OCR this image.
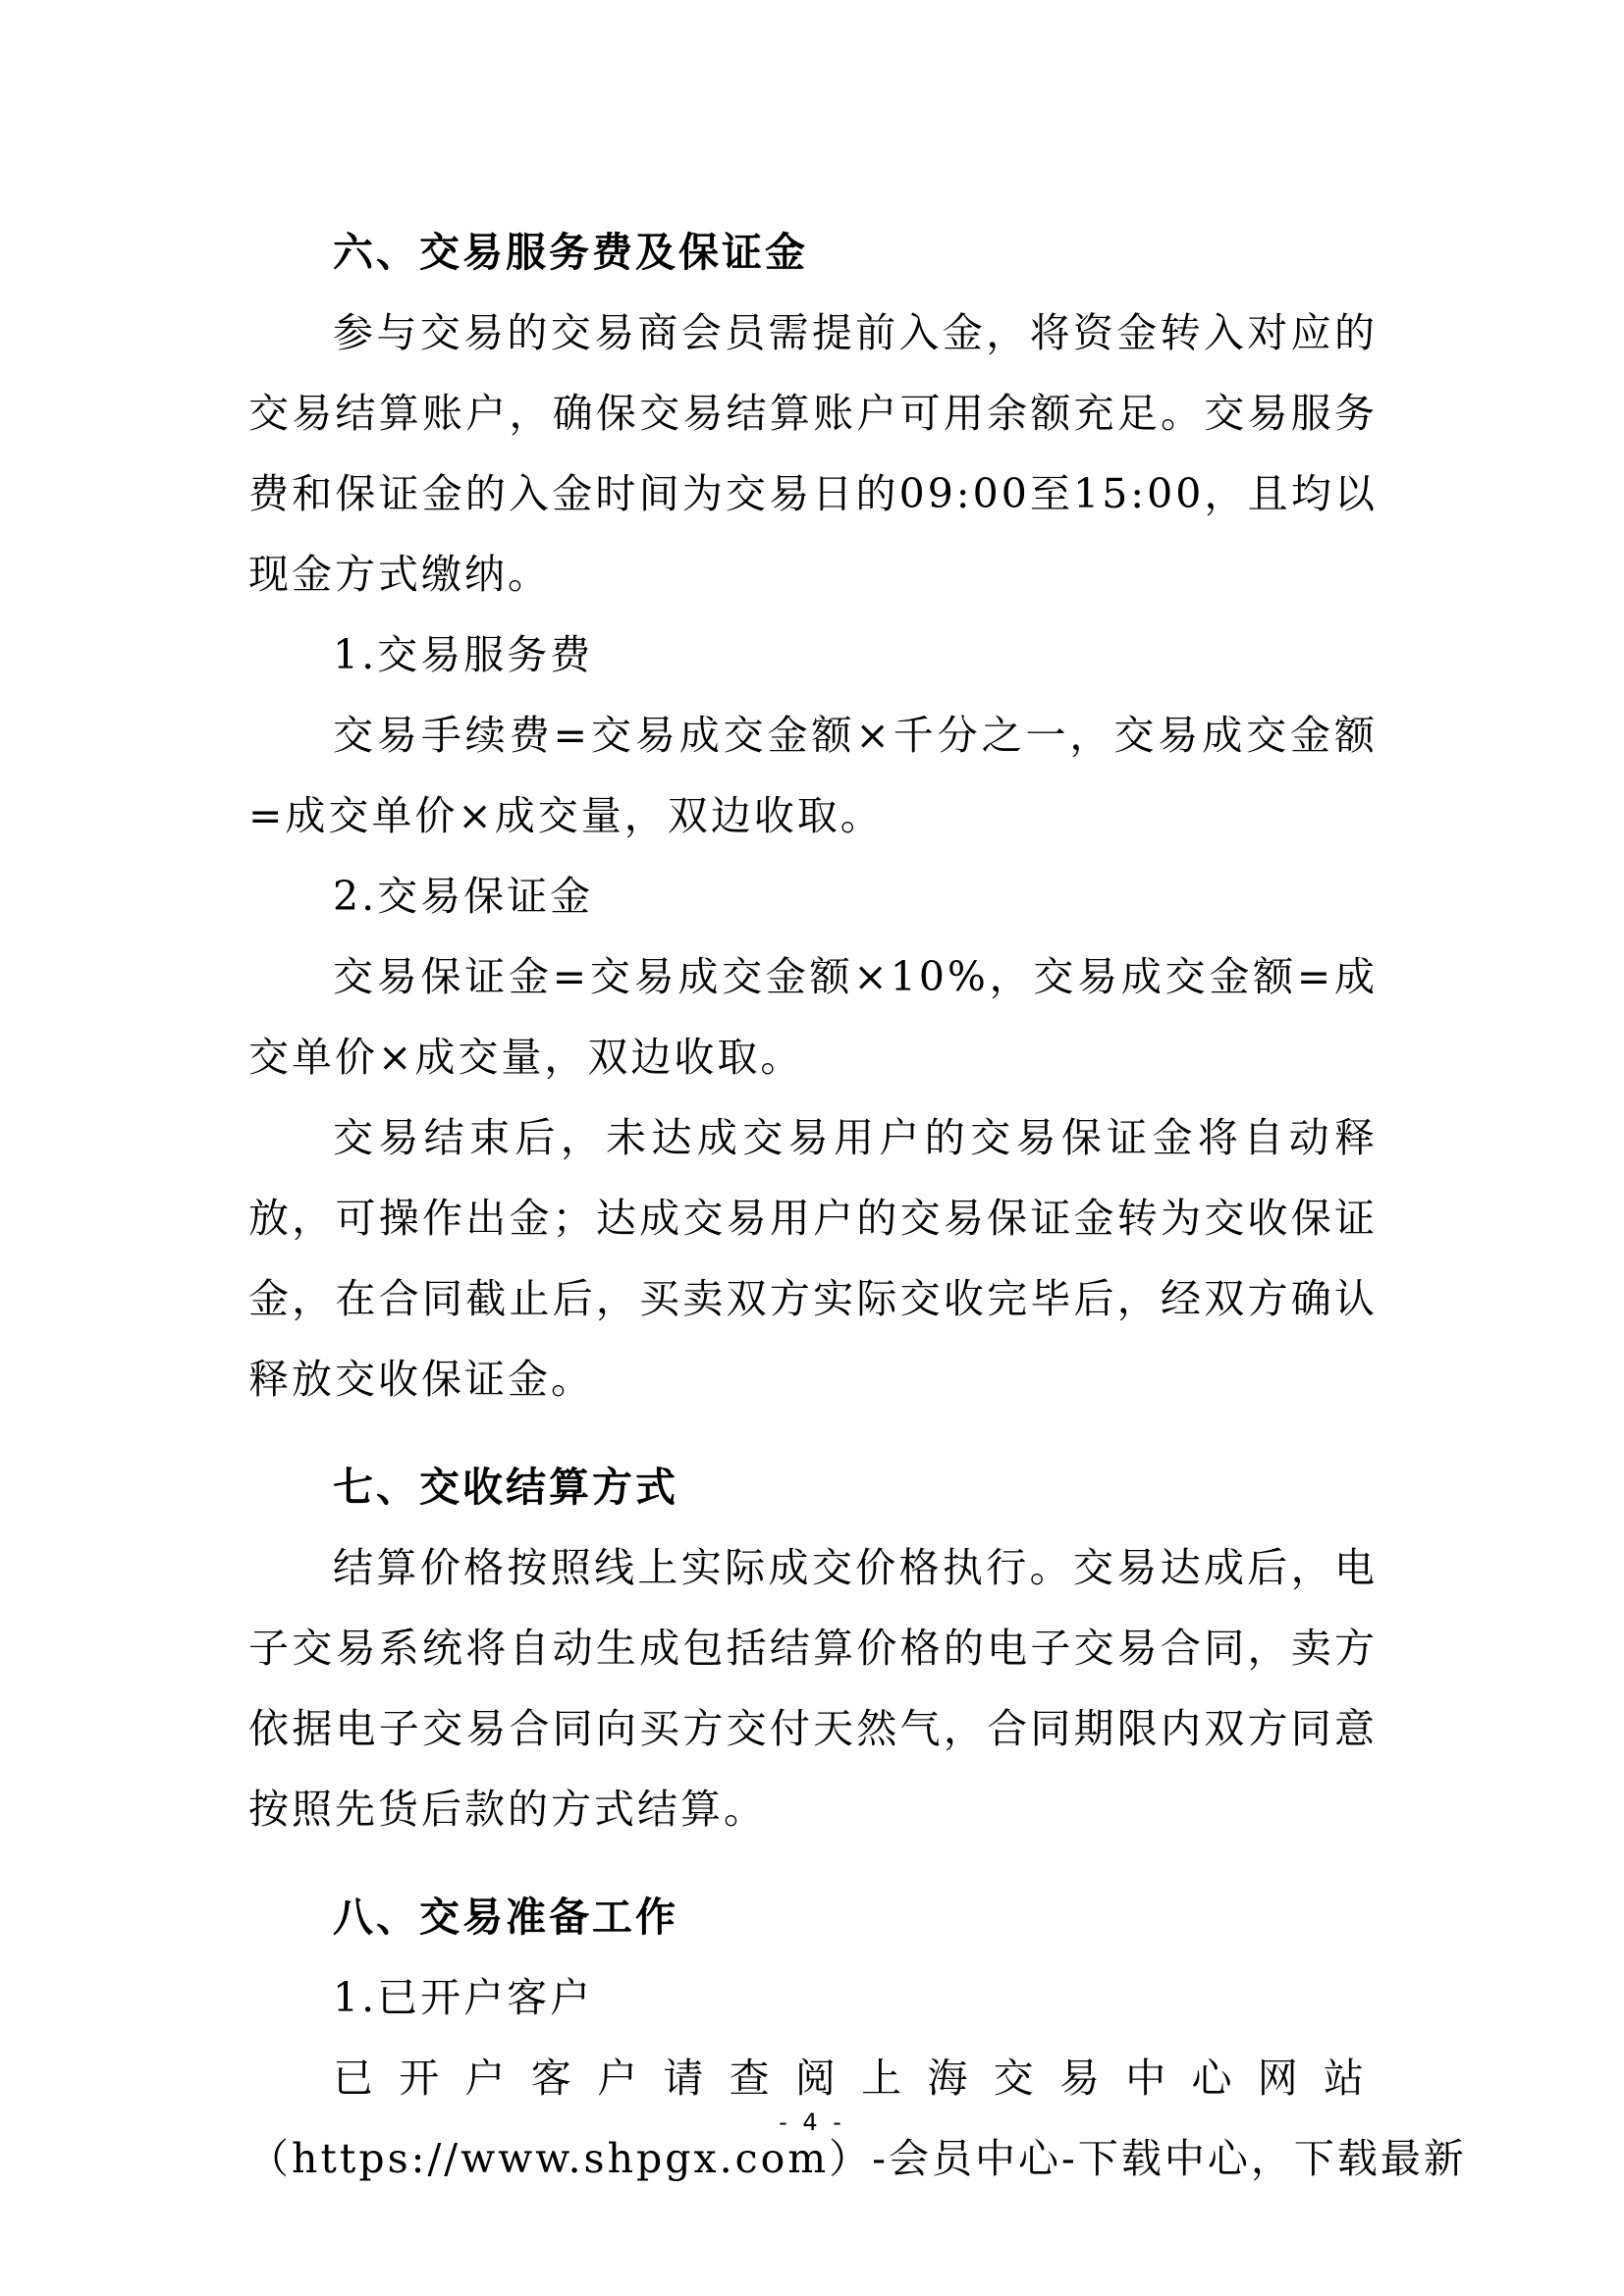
六、交易服务费及保证金
参与交易的交易商会员需提前入金，将资金转入对应的交易结算账户，确保交易结算账户可用余额充足。交易服务费和保证金的入金时间为交易日的09:00至15:00，且均以现金方式缴纳。
1.交易服务费
交易手续费=交易成交金额×千分之一，交易成交金额=成交单价×成交量，双边收取。
2.交易保证金
交易保证金=交易成交金额×10%，交易成交金额=成交单价×成交量，双边收取。
交易结束后，未达成交易用户的交易保证金将自动释放，可操作出金；达成交易用户的交易保证金转为交收保证金，在合同截止后，买卖双方实际交收完毕后，经双方确认释放交收保证金。
七、交收结算方式
结算价格按照线上实际成交价格执行。交易达成后，电子交易系统将自动生成包括结算价格的电子交易合同，卖方依据电子交易合同向买方交付天然气，合同期限内双方同意按照先货后款的方式结算。
八、交易准备工作
1.已开户客户
已开户客户请查阅上海交易中心网站
（https://www.shpgx.com）-会员中心-下载中心，下载最新
- 4 -
